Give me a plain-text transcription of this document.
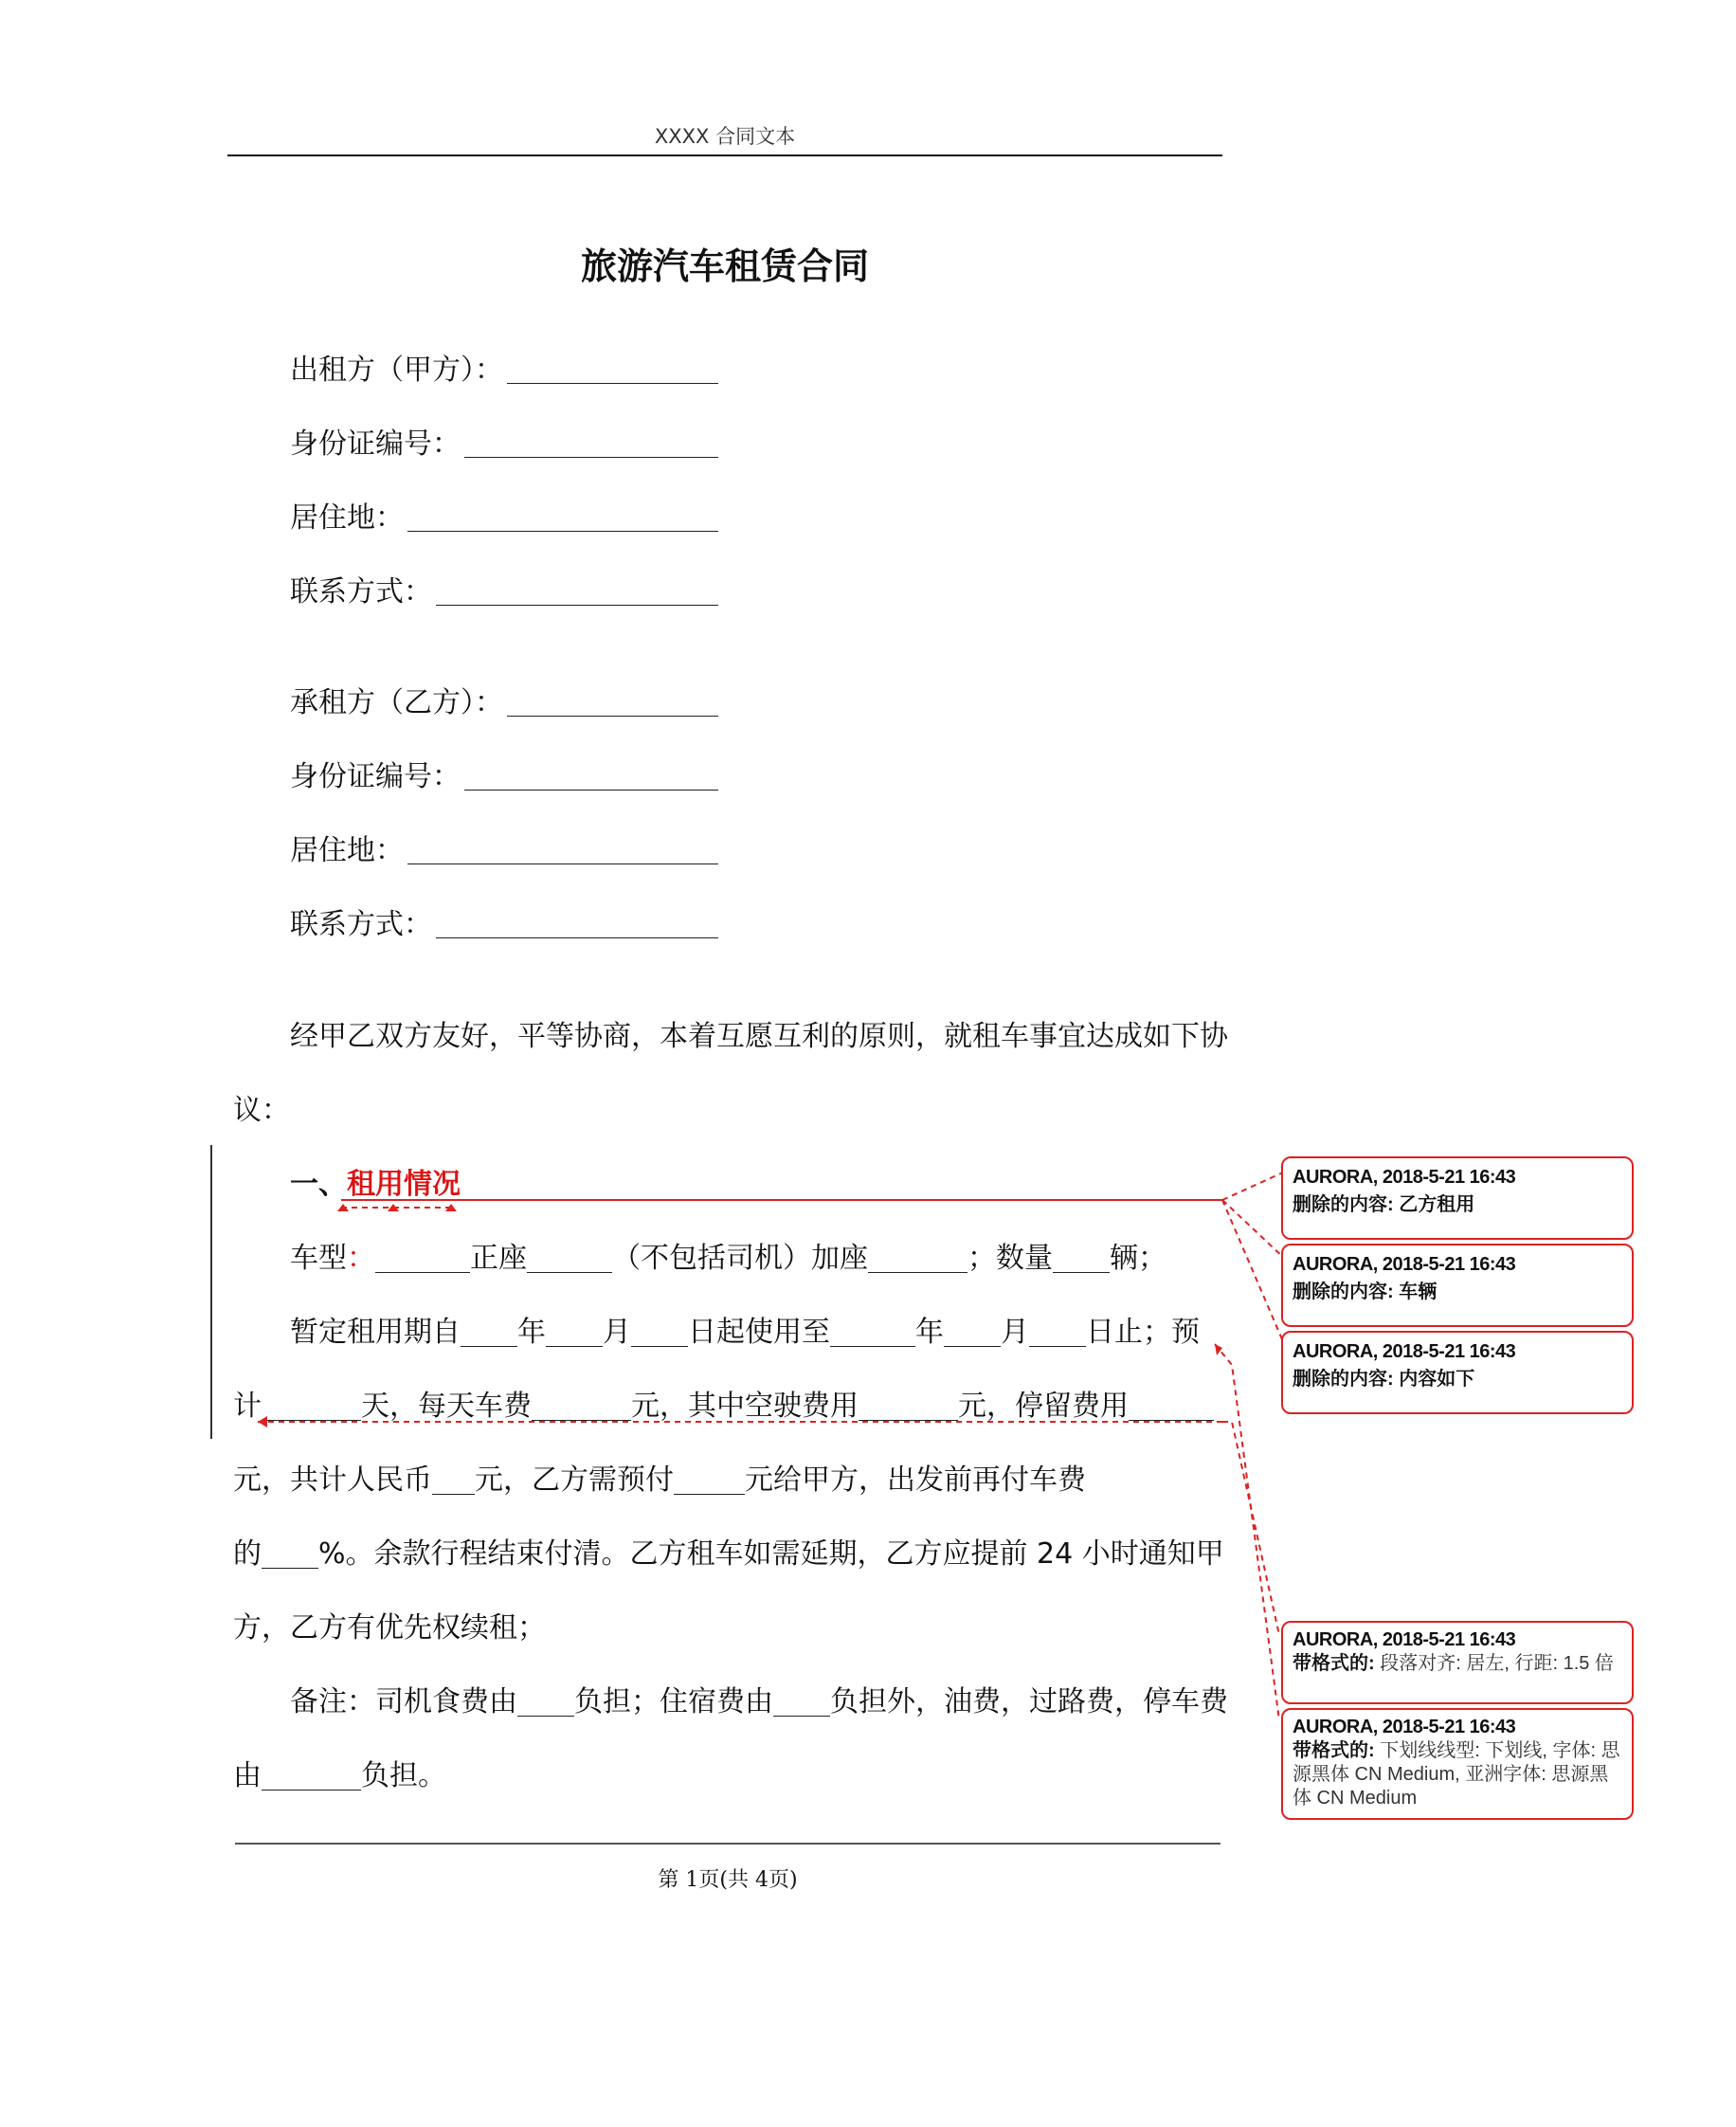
XXXX 合同文本
旅游汽车租赁合同
出租方（甲方）：
身份证编号：
居住地：
联系方式：
承租方（乙方）：
身份证编号：
居住地：
联系方式：
经甲乙双方友好，平等协商，本着互愿互利的原则，就租车事宜达成如下协
议：
一、租用情况
车型：	正座	（不包括司机）加座	；数量 辆；
暂定租用期自 年 月 日起使用至	年 月 日止；预
计	天，每天车费	元，其中空驶费用	元，停留费用
元，共计人民币 元，乙方需预付	元给甲方，出发前再付车费
的 %。余款行程结束付清。乙方租车如需延期，乙方应提前 24 小时通知甲
方，乙方有优先权续租；
备注：司机食费由 负担；住宿费由 负担外，油费，过路费，停车费
由	负担。
AURORA, 2018-5-21 16:43
删除的内容: 乙方租用
AURORA, 2018-5-21 16:43
删除的内容: 车辆
AURORA, 2018-5-21 16:43
删除的内容: 内容如下
AURORA, 2018-5-21 16:43
带格式的: 段落对齐: 居左, 行距: 1.5 倍
AURORA, 2018-5-21 16:43
带格式的: 下划线线型: 下划线, 字体: 思源黑体 CN Medium, 亚洲字体: 思源黑体 CN Medium
第 1页(共 4页)
